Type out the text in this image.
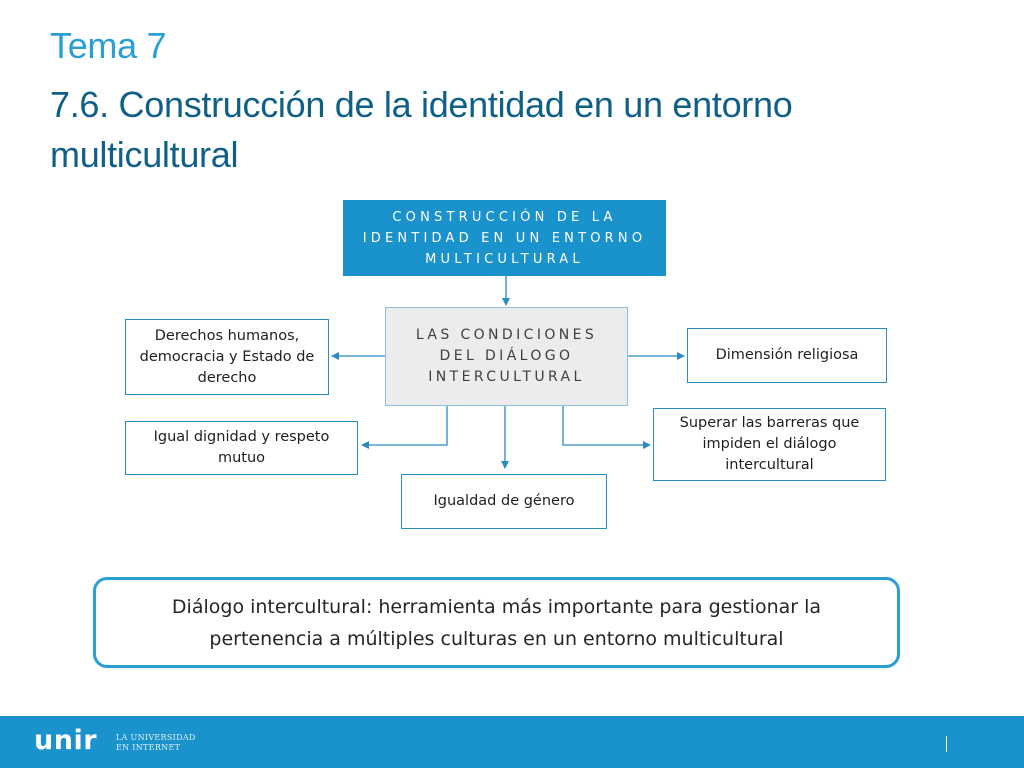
Tema 7
7.6. Construcción de la identidad en un entorno multicultural
CONSTRUCCIÓN DE LA IDENTIDAD EN UN ENTORNO MULTICULTURAL
LAS CONDICIONES DEL DIÁLOGO INTERCULTURAL
Derechos humanos, democracia y Estado de derecho
Igual dignidad y respeto mutuo
Igualdad de género
Dimensión religiosa
Superar las barreras que impiden el diálogo intercultural
Diálogo intercultural: herramienta más importante para gestionar la pertenencia a múltiples culturas en un entorno multicultural
unir LA UNIVERSIDAD
EN INTERNET
